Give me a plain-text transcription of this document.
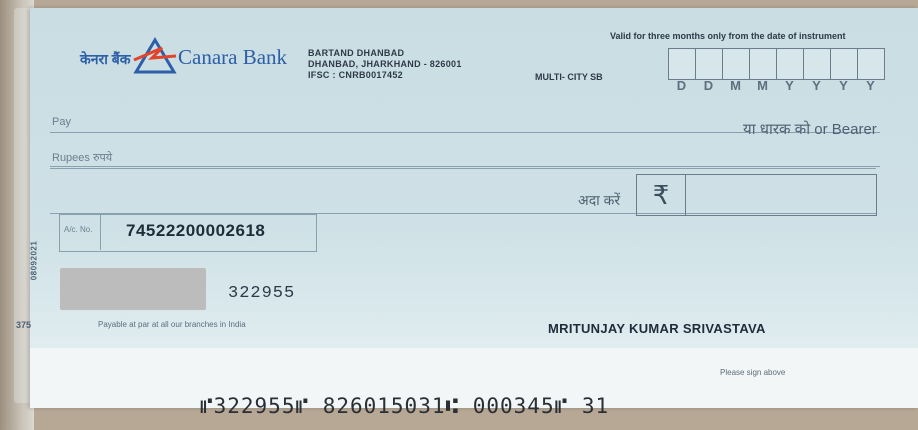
केनरा बैंक Canara Bank BARTAND DHANBAD
DHANBAD, JHARKHAND - 826001
IFSC : CNRB0017452	MULTI- CITY SB
Valid for three months only from the date of instrument
D	D	M	M	Y	Y	Y	Y
Pay	या धारक को or Bearer
Rupees रुपये
अदा करें	₹
A/c. No. 74522200002618
08092021
375
322955
Payable at par at all our branches in India	MRITUNJAY KUMAR SRIVASTAVA
Please sign above
⑈322955⑈ 826015031⑆ 000345⑈ 31
